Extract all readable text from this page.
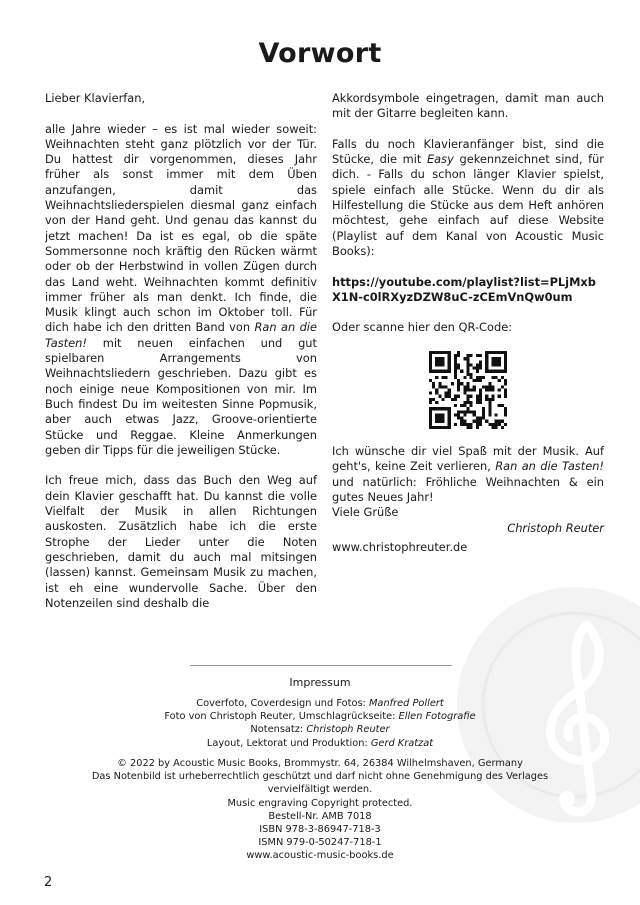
Vorwort

Lieber Klavierfan,

alle Jahre wieder – es ist mal wieder soweit: Weihnachten steht ganz plötzlich vor der Tür. Du hattest dir vorgenommen, dieses Jahr früher als sonst immer mit dem Üben anzufangen, damit das Weihnachtsliederspielen diesmal ganz einfach von der Hand geht. Und genau das kannst du jetzt machen! Da ist es egal, ob die späte Sommersonne noch kräftig den Rücken wärmt oder ob der Herbstwind in vollen Zügen durch das Land weht. Weihnachten kommt definitiv immer früher als man denkt. Ich finde, die Musik klingt auch schon im Oktober toll. Für dich habe ich den dritten Band von Ran an die Tasten! mit neuen einfachen und gut spielbaren Arrangements von Weihnachtsliedern geschrieben. Dazu gibt es noch einige neue Kompositionen von mir. Im Buch findest Du im weitesten Sinne Popmusik, aber auch etwas Jazz, Groove-orientierte Stücke und Reggae. Kleine Anmerkungen geben dir Tipps für die jeweiligen Stücke.

Ich freue mich, dass das Buch den Weg auf dein Klavier geschafft hat. Du kannst die volle Vielfalt der Musik in allen Richtungen auskosten. Zusätzlich habe ich die erste Strophe der Lieder unter die Noten geschrieben, damit du auch mal mitsingen (lassen) kannst. Gemeinsam Musik zu machen, ist eh eine wundervolle Sache. Über den Notenzeilen sind deshalb die

Akkordsymbole eingetragen, damit man auch mit der Gitarre begleiten kann.

Falls du noch Klavieranfänger bist, sind die Stücke, die mit Easy gekennzeichnet sind, für dich. - Falls du schon länger Klavier spielst, spiele einfach alle Stücke. Wenn du dir als Hilfestellung die Stücke aus dem Heft anhören möchtest, gehe einfach auf diese Website (Playlist auf dem Kanal von Acoustic Music Books):

https://youtube.com/playlist?list=PLjMxbX1N-c0lRXyzDZW8uC-zCEmVnQw0um

Oder scanne hier den QR-Code:

Ich wünsche dir viel Spaß mit der Musik. Auf geht's, keine Zeit verlieren, Ran an die Tasten! und natürlich: Fröhliche Weihnachten & ein gutes Neues Jahr!

Viele Grüße
Christoph Reuter
www.christophreuter.de
Impressum
Coverfoto, Coverdesign und Fotos: Manfred Pollert
Foto von Christoph Reuter, Umschlagrückseite: Ellen Fotografie
Notensatz: Christoph Reuter
Layout, Lektorat und Produktion: Gerd Kratzat
© 2022 by Acoustic Music Books, Brommystr. 64, 26384 Wilhelmshaven, Germany
Das Notenbild ist urheberrechtlich geschützt und darf nicht ohne Genehmigung des Verlages
vervielfältigt werden.
Music engraving Copyright protected.
Bestell-Nr. AMB 7018
ISBN 978-3-86947-718-3
ISMN 979-0-50247-718-1
www.acoustic-music-books.de
2
